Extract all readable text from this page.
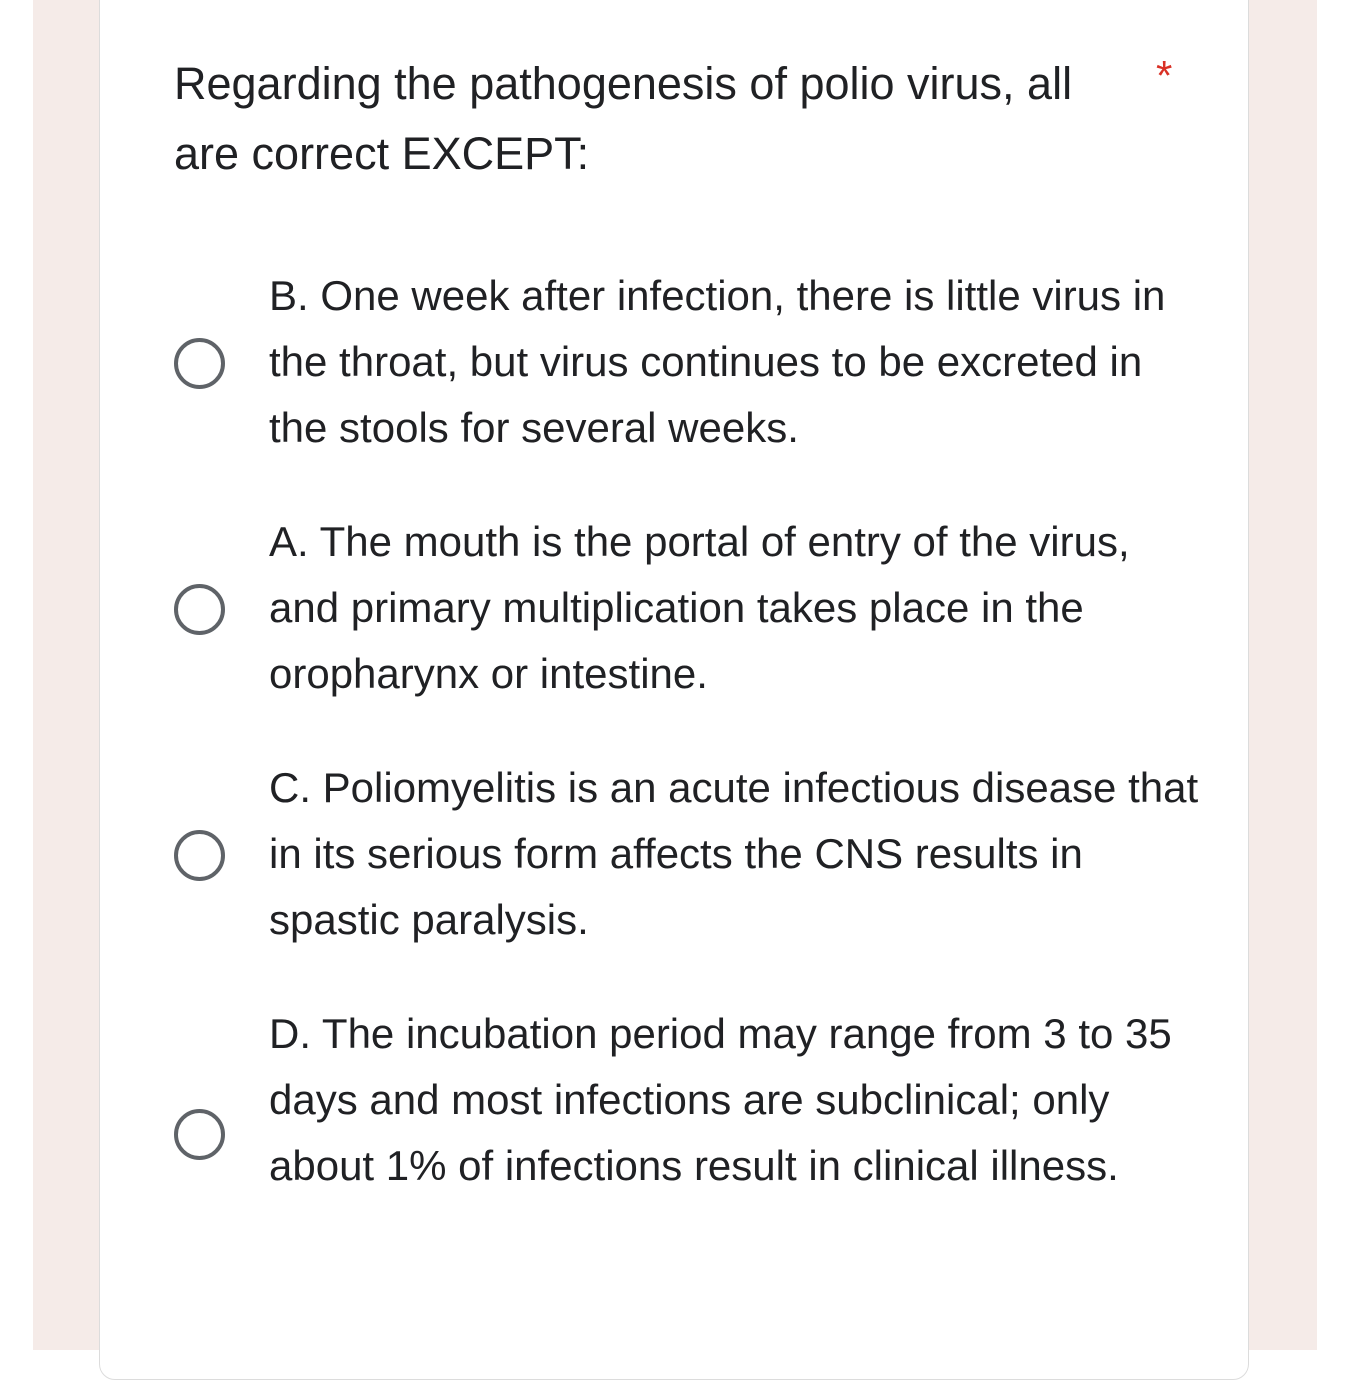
Regarding the pathogenesis of polio virus, all are correct EXCEPT:
*
B. One week after infection, there is little virus in the throat, but virus continues to be excreted in the stools for several weeks.
A. The mouth is the portal of entry of the virus, and primary multiplication takes place in the oropharynx or intestine.
C. Poliomyelitis is an acute infectious disease that in its serious form affects the CNS results in spastic paralysis.
D. The incubation period may range from 3 to 35 days and most infections are subclinical; only about 1% of infections result in clinical illness.
